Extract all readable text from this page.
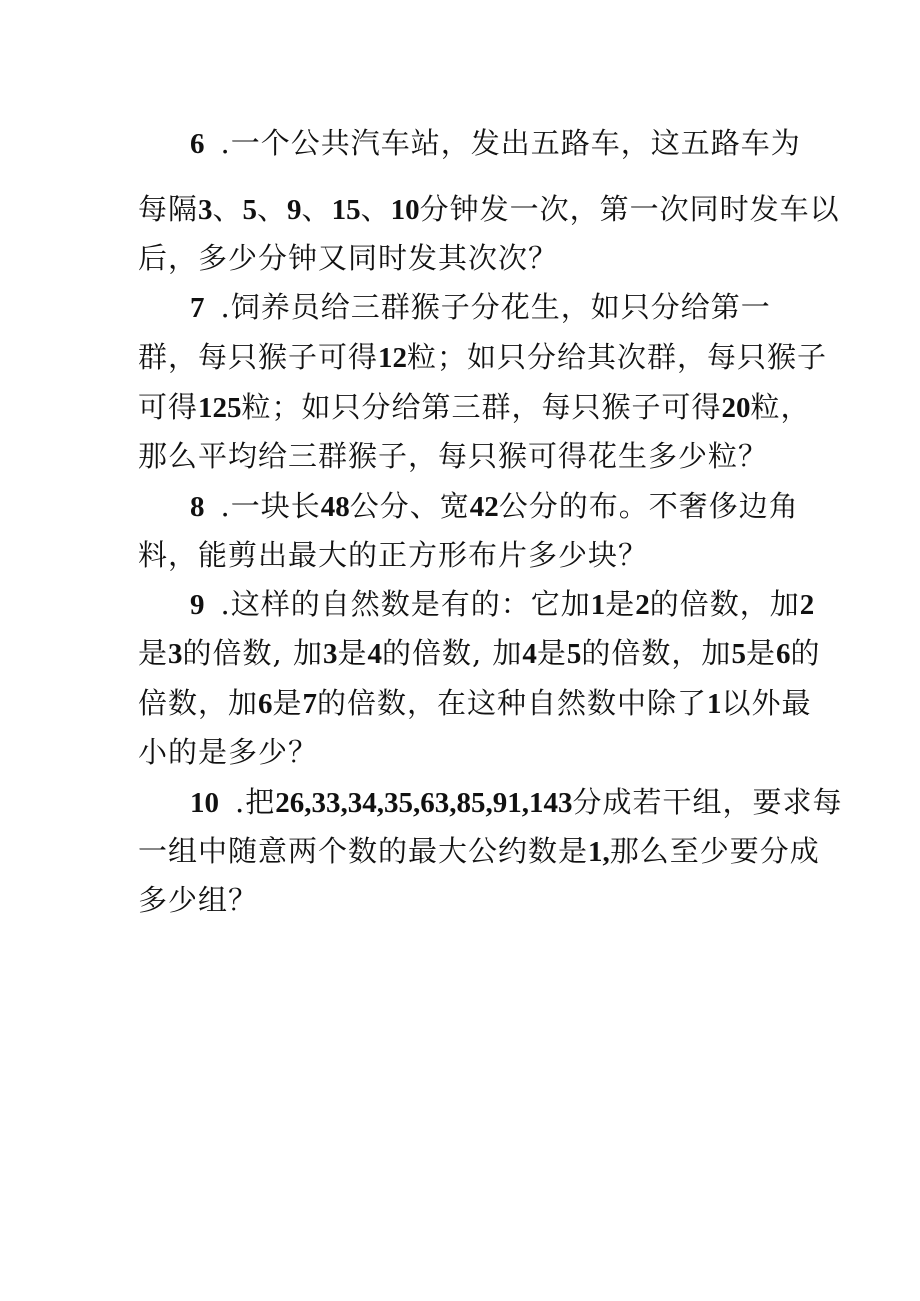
6 .一个公共汽车站，发出五路车，这五路车为
每隔3、5、9、15、10分钟发一次，第一次同时发车以
后，多少分钟又同时发其次次？
7 .饲养员给三群猴子分花生，如只分给第一
群，每只猴子可得12粒；如只分给其次群，每只猴子
可得125粒；如只分给第三群，每只猴子可得20粒，
那么平均给三群猴子，每只猴可得花生多少粒？
8 .一块长48公分、宽42公分的布。不奢侈边角
料，能剪出最大的正方形布片多少块？
9 .这样的自然数是有的：它加1是2的倍数，加2
是3的倍数, 加3是4的倍数, 加4是5的倍数，加5是6的
倍数，加6是7的倍数，在这种自然数中除了1以外最
小的是多少？
10 .把26,33,34,35,63,85,91,143分成若干组，要求每
一组中随意两个数的最大公约数是1,那么至少要分成
多少组？
